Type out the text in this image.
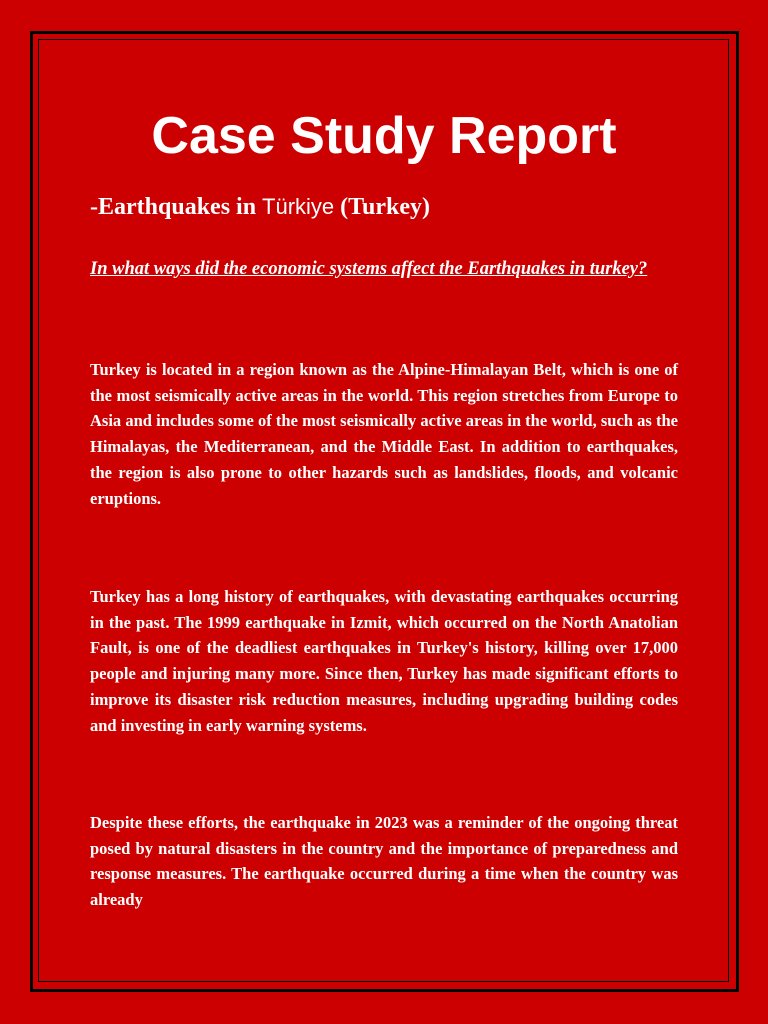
Case Study Report
-Earthquakes in Türkiye (Turkey)
In what ways did the economic systems affect the Earthquakes in turkey?
Turkey is located in a region known as the Alpine-Himalayan Belt, which is one of the most seismically active areas in the world. This region stretches from Europe to Asia and includes some of the most seismically active areas in the world, such as the Himalayas, the Mediterranean, and the Middle East. In addition to earthquakes, the region is also prone to other hazards such as landslides, floods, and volcanic eruptions.
Turkey has a long history of earthquakes, with devastating earthquakes occurring in the past. The 1999 earthquake in Izmit, which occurred on the North Anatolian Fault, is one of the deadliest earthquakes in Turkey's history, killing over 17,000 people and injuring many more. Since then, Turkey has made significant efforts to improve its disaster risk reduction measures, including upgrading building codes and investing in early warning systems.
Despite these efforts, the earthquake in 2023 was a reminder of the ongoing threat posed by natural disasters in the country and the importance of preparedness and response measures. The earthquake occurred during a time when the country was already
